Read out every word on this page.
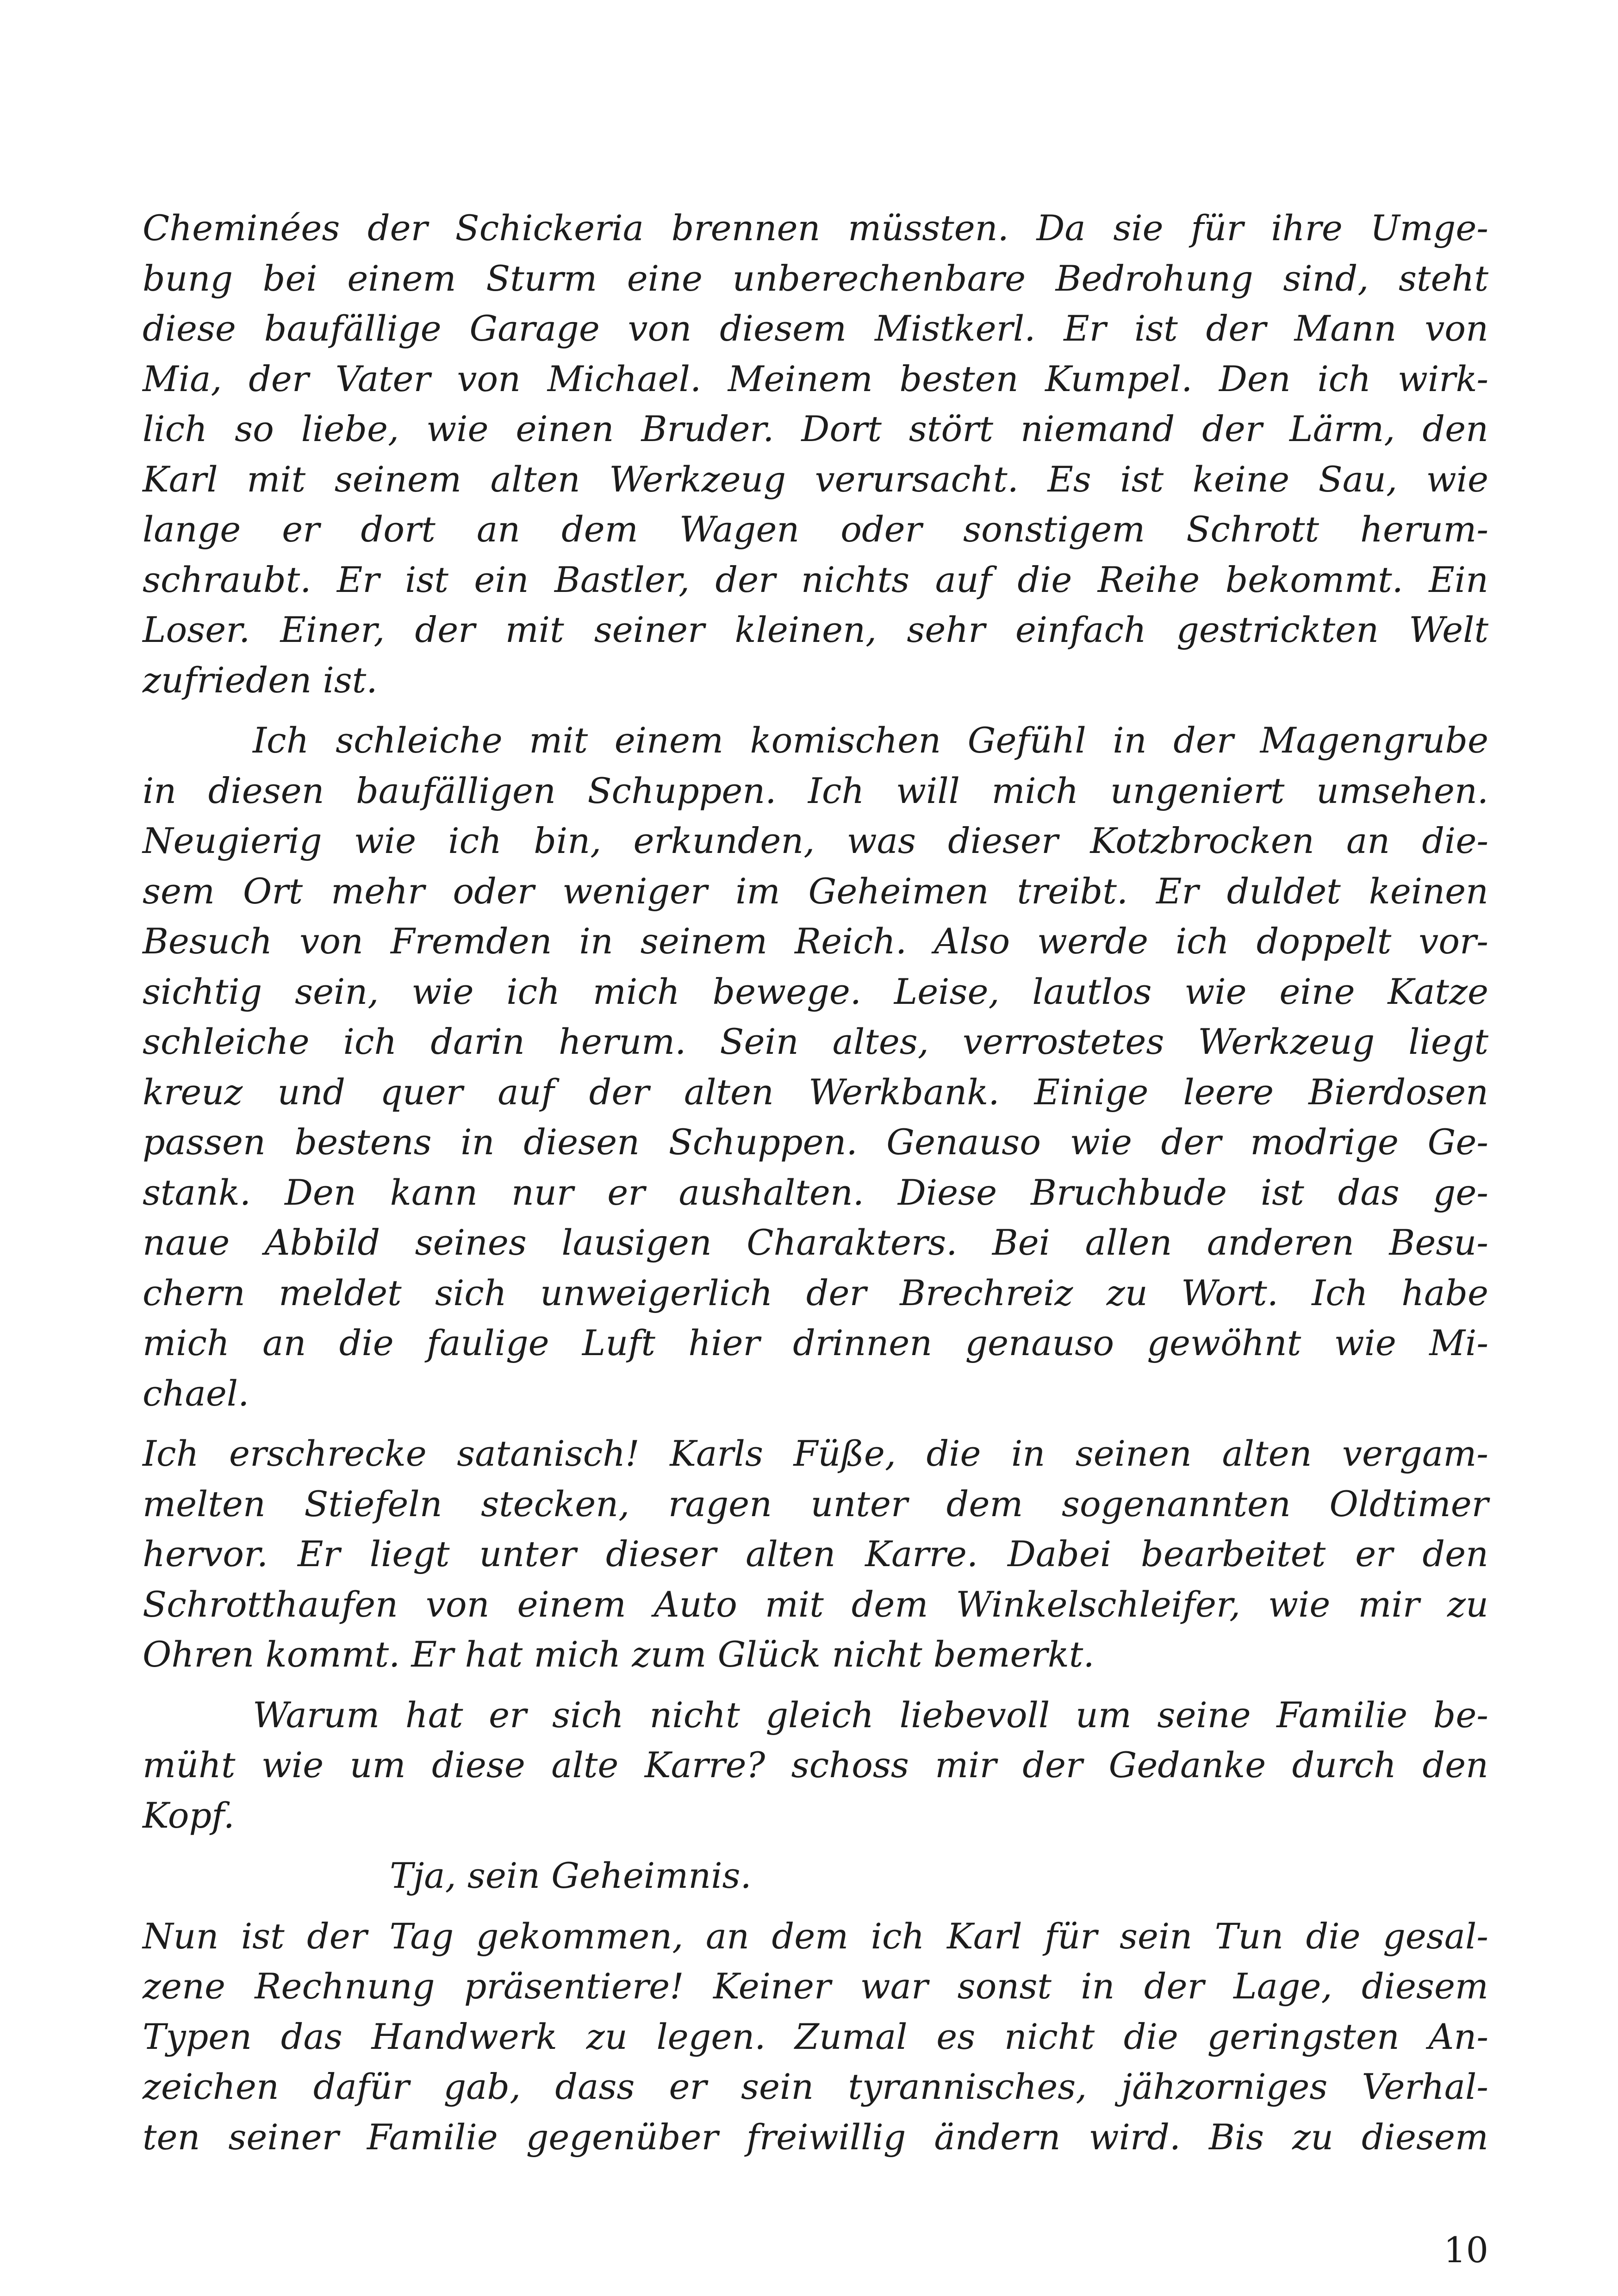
Cheminées der Schickeria brennen müssten. Da sie für ihre Umge-
bung bei einem Sturm eine unberechenbare Bedrohung sind, steht
diese baufällige Garage von diesem Mistkerl. Er ist der Mann von
Mia, der Vater von Michael. Meinem besten Kumpel. Den ich wirk-
lich so liebe, wie einen Bruder. Dort stört niemand der Lärm, den
Karl mit seinem alten Werkzeug verursacht. Es ist keine Sau, wie
lange er dort an dem Wagen oder sonstigem Schrott herum-
schraubt. Er ist ein Bastler, der nichts auf die Reihe bekommt. Ein
Loser. Einer, der mit seiner kleinen, sehr einfach gestrickten Welt
zufrieden ist.
Ich schleiche mit einem komischen Gefühl in der Magengrube
in diesen baufälligen Schuppen. Ich will mich ungeniert umsehen.
Neugierig wie ich bin, erkunden, was dieser Kotzbrocken an die-
sem Ort mehr oder weniger im Geheimen treibt. Er duldet keinen
Besuch von Fremden in seinem Reich. Also werde ich doppelt vor-
sichtig sein, wie ich mich bewege. Leise, lautlos wie eine Katze
schleiche ich darin herum. Sein altes, verrostetes Werkzeug liegt
kreuz und quer auf der alten Werkbank. Einige leere Bierdosen
passen bestens in diesen Schuppen. Genauso wie der modrige Ge-
stank. Den kann nur er aushalten. Diese Bruchbude ist das ge-
naue Abbild seines lausigen Charakters. Bei allen anderen Besu-
chern meldet sich unweigerlich der Brechreiz zu Wort. Ich habe
mich an die faulige Luft hier drinnen genauso gewöhnt wie Mi-
chael.
Ich erschrecke satanisch! Karls Füße, die in seinen alten vergam-
melten Stiefeln stecken, ragen unter dem sogenannten Oldtimer
hervor. Er liegt unter dieser alten Karre. Dabei bearbeitet er den
Schrotthaufen von einem Auto mit dem Winkelschleifer, wie mir zu
Ohren kommt. Er hat mich zum Glück nicht bemerkt.
Warum hat er sich nicht gleich liebevoll um seine Familie be-
müht wie um diese alte Karre? schoss mir der Gedanke durch den
Kopf.
Tja, sein Geheimnis.
Nun ist der Tag gekommen, an dem ich Karl für sein Tun die gesal-
zene Rechnung präsentiere! Keiner war sonst in der Lage, diesem
Typen das Handwerk zu legen. Zumal es nicht die geringsten An-
zeichen dafür gab, dass er sein tyrannisches, jähzorniges Verhal-
ten seiner Familie gegenüber freiwillig ändern wird. Bis zu diesem
10
